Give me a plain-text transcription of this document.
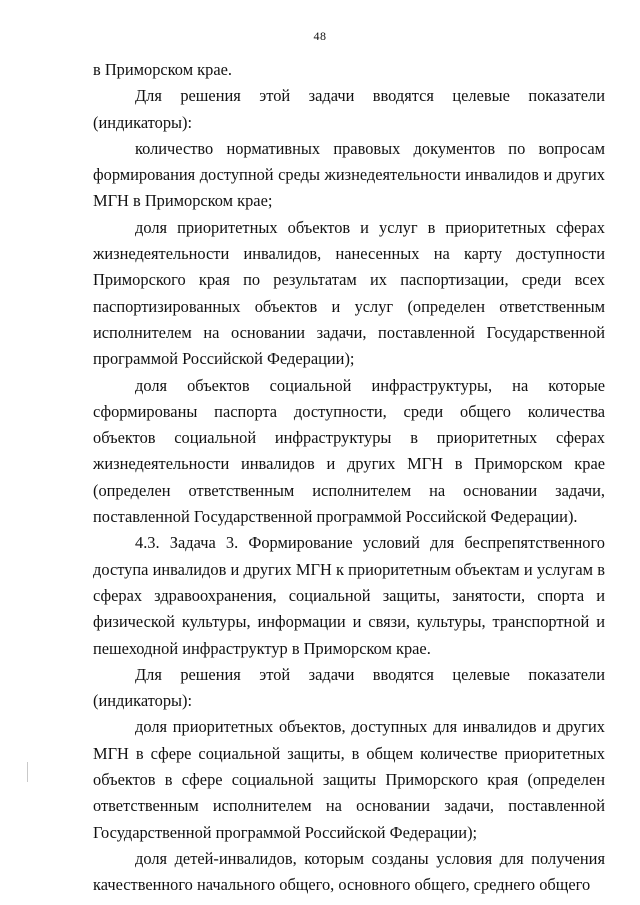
48

в Приморском крае.

Для решения этой задачи вводятся целевые показатели (индикаторы):

количество нормативных правовых документов по вопросам формирования доступной среды жизнедеятельности инвалидов и других МГН в Приморском крае;

доля приоритетных объектов и услуг в приоритетных сферах жизнедеятельности инвалидов, нанесенных на карту доступности Приморского края по результатам их паспортизации, среди всех паспортизированных объектов и услуг (определен ответственным исполнителем на основании задачи, поставленной Государственной программой Российской Федерации);

доля объектов социальной инфраструктуры, на которые сформированы паспорта доступности, среди общего количества объектов социальной инфраструктуры в приоритетных сферах жизнедеятельности инвалидов и других МГН в Приморском крае (определен ответственным исполнителем на основании задачи, поставленной Государственной программой Российской Федерации).

4.3. Задача 3. Формирование условий для беспрепятственного доступа инвалидов и других МГН к приоритетным объектам и услугам в сферах здравоохранения, социальной защиты, занятости, спорта и физической культуры, информации и связи, культуры, транспортной и пешеходной инфраструктур в Приморском крае.

Для решения этой задачи вводятся целевые показатели (индикаторы):

доля приоритетных объектов, доступных для инвалидов и других МГН в сфере социальной защиты, в общем количестве приоритетных объектов в сфере социальной защиты Приморского края (определен ответственным исполнителем на основании задачи, поставленной Государственной программой Российской Федерации);

доля детей-инвалидов, которым созданы условия для получения качественного начального общего, основного общего, среднего общего
